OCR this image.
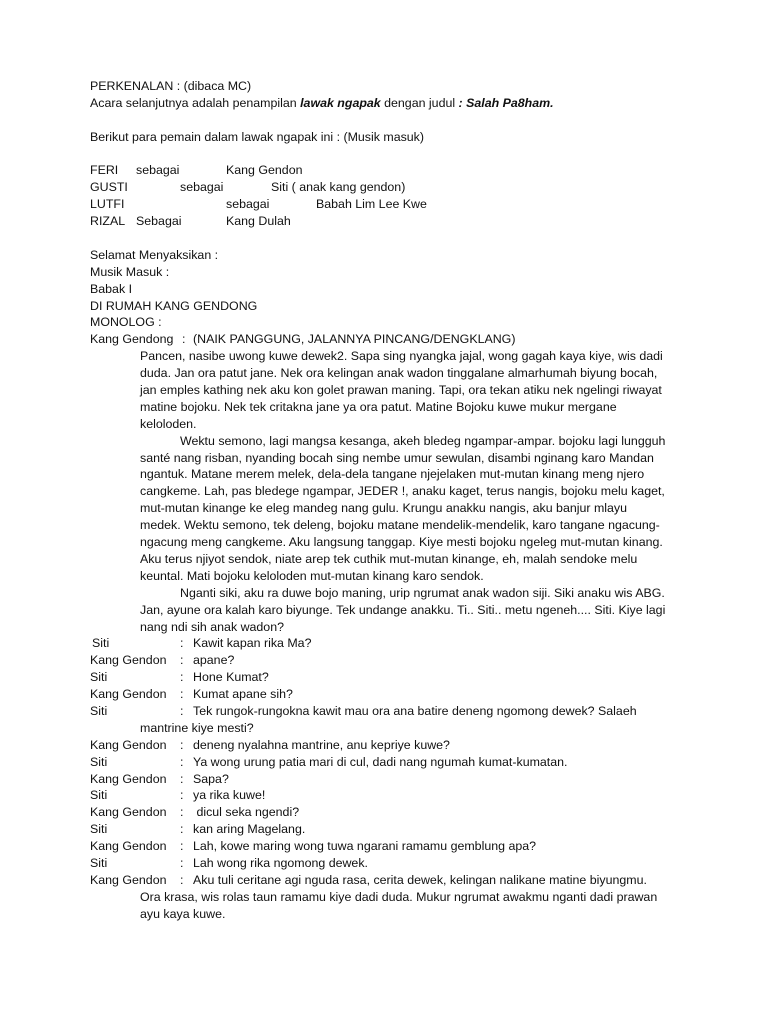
PERKENALAN : (dibaca MC)
Acara selanjutnya adalah penampilan lawak ngapak dengan judul : Salah Pa8ham.
Berikut para pemain dalam lawak ngapak ini : (Musik masuk)
FERI sebagai	Kang Gendon
GUSTI	sebagai	Siti ( anak kang gendon)
LUTFI	sebagai	Babah Lim Lee Kwe
RIZAL Sebagai	Kang Dulah
Selamat Menyaksikan :
Musik Masuk :
Babak I
DI RUMAH KANG GENDONG
MONOLOG :
Kang Gendong : (NAIK PANGGUNG, JALANNYA PINCANG/DENGKLANG)
Pancen, nasibe uwong kuwe dewek2. Sapa sing nyangka jajal, wong gagah kaya kiye, wis dadi
duda. Jan ora patut jane. Nek ora kelingan anak wadon tinggalane almarhumah biyung bocah,
jan emples kathing nek aku kon golet prawan maning. Tapi, ora tekan atiku nek ngelingi riwayat
matine bojoku. Nek tek critakna jane ya ora patut. Matine Bojoku kuwe mukur mergane
keloloden.
Wektu semono, lagi mangsa kesanga, akeh bledeg ngampar-ampar. bojoku lagi lungguh
santé nang risban, nyanding bocah sing nembe umur sewulan, disambi nginang karo Mandan
ngantuk. Matane merem melek, dela-dela tangane njejelaken mut-mutan kinang meng njero
cangkeme. Lah, pas bledege ngampar, JEDER !, anaku kaget, terus nangis, bojoku melu kaget,
mut-mutan kinange ke eleg mandeg nang gulu. Krungu anakku nangis, aku banjur mlayu
medek. Wektu semono, tek deleng, bojoku matane mendelik-mendelik, karo tangane ngacung-
ngacung meng cangkeme. Aku langsung tanggap. Kiye mesti bojoku ngeleg mut-mutan kinang.
Aku terus njiyot sendok, niate arep tek cuthik mut-mutan kinange, eh, malah sendoke melu
keuntal. Mati bojoku keloloden mut-mutan kinang karo sendok.
Nganti siki, aku ra duwe bojo maning, urip ngrumat anak wadon siji. Siki anaku wis ABG.
Jan, ayune ora kalah karo biyunge. Tek undange anakku. Ti.. Siti.. metu ngeneh.... Siti. Kiye lagi
nang ndi sih anak wadon?
Siti	: Kawit kapan rika Ma?
Kang Gendon : apane?
Siti	: Hone Kumat?
Kang Gendon : Kumat apane sih?
Siti	: Tek rungok-rungokna kawit mau ora ana batire deneng ngomong dewek? Salaeh
mantrine kiye mesti?
Kang Gendon : deneng nyalahna mantrine, anu kepriye kuwe?
Siti	: Ya wong urung patia mari di cul, dadi nang ngumah kumat-kumatan.
Kang Gendon : Sapa?
Siti	: ya rika kuwe!
Kang Gendon : dicul seka ngendi?
Siti	: kan aring Magelang.
Kang Gendon : Lah, kowe maring wong tuwa ngarani ramamu gemblung apa?
Siti	: Lah wong rika ngomong dewek.
Kang Gendon : Aku tuli ceritane agi nguda rasa, cerita dewek, kelingan nalikane matine biyungmu.
Ora krasa, wis rolas taun ramamu kiye dadi duda. Mukur ngrumat awakmu nganti dadi prawan
ayu kaya kuwe.
